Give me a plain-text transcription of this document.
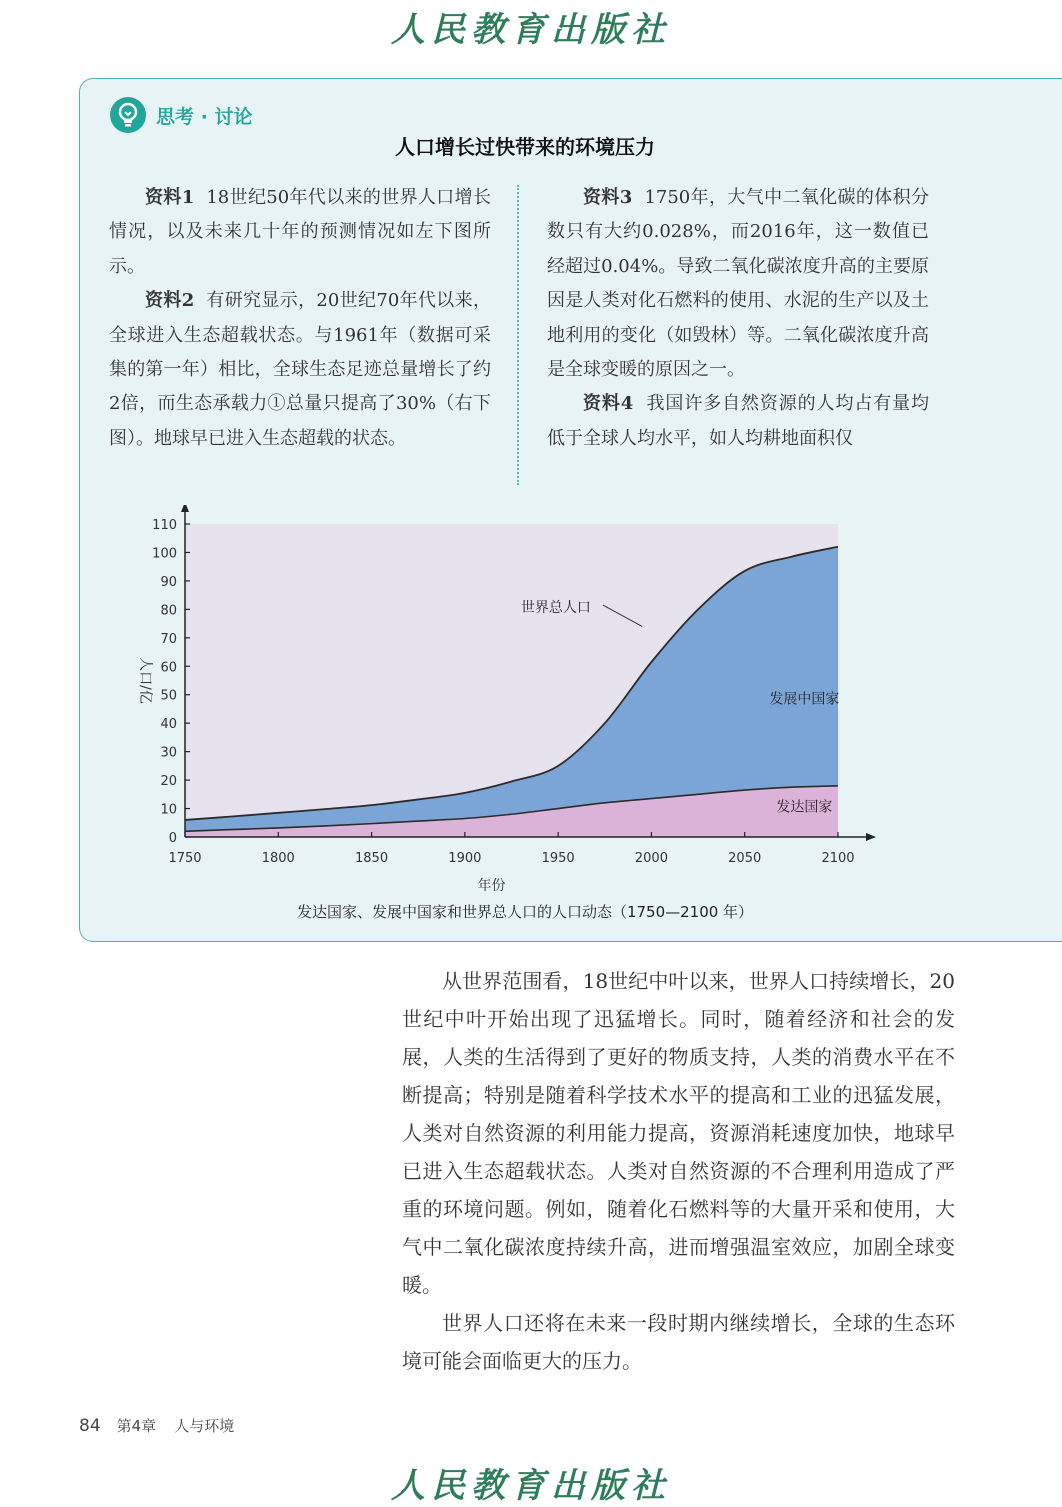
人民教育出版社
思考 · 讨论
人口增长过快带来的环境压力

资料1 18世纪50年代以来的世界人口增长情况，以及未来几十年的预测情况如左下图所示。

资料2 有研究显示，20世纪70年代以来，全球进入生态超载状态。与1961年（数据可采集的第一年）相比，全球生态足迹总量增长了约2倍，而生态承载力①总量只提高了30%（右下图）。地球早已进入生态超载的状态。

资料3 1750年，大气中二氧化碳的体积分数只有大约0.028%，而2016年，这一数值已经超过0.04%。导致二氧化碳浓度升高的主要原因是人类对化石燃料的使用、水泥的生产以及土地利用的变化（如毁林）等。二氧化碳浓度升高是全球变暖的原因之一。

资料4 我国许多自然资源的人均占有量均低于全球人均水平，如人均耕地面积仅

发达国家、发展中国家和世界总人口的人口动态（1750—2100 年）
0
10
20
30
40
50
60
70
80
90
100
110
1750	1800	1850	1900	1950	2000	2050	2100
年份
人口/亿
世界总人口
发展中国家
发达国家

从世界范围看，18世纪中叶以来，世界人口持续增长，20世纪中叶开始出现了迅猛增长。同时，随着经济和社会的发展，人类的生活得到了更好的物质支持，人类的消费水平在不断提高；特别是随着科学技术水平的提高和工业的迅猛发展，人类对自然资源的利用能力提高，资源消耗速度加快，地球早已进入生态超载状态。人类对自然资源的不合理利用造成了严重的环境问题。例如，随着化石燃料等的大量开采和使用，大气中二氧化碳浓度持续升高，进而增强温室效应，加剧全球变暖。

世界人口还将在未来一段时期内继续增长，全球的生态环境可能会面临更大的压力。

84 第4章 人与环境
人民教育出版社
